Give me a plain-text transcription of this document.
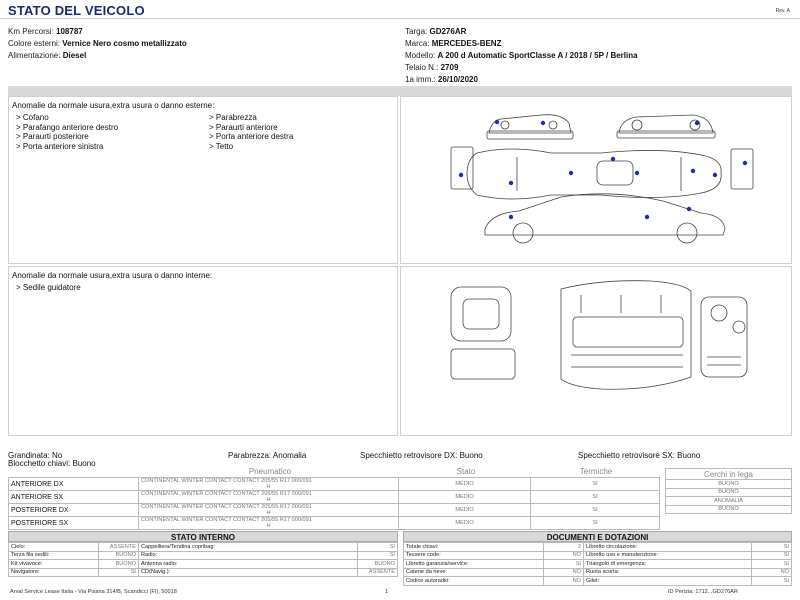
STATO DEL VEICOLO	Rev. A
Km Percorsi: 108787
Colore esterni: Vernice Nero cosmo metallizzato
Alimentazione: Diesel
Targa: GD276AR
Marca: MERCEDES-BENZ
Modello: A 200 d Automatic SportClasse A / 2018 / 5P / Berlina
Telaio N.: 2709
1a imm.: 26/10/2020
Anomalie da normale usura,extra usura o danno esterne:
> Cofano
> Parafango anteriore destro
> Paraurti posteriore
> Porta anteriore sinistra
> Parabrezza
> Paraurti anteriore
> Porta anteriore destra
> Tetto
Anomalie da normale usura,extra usura o danno interne:
> Sedile guidatore
Grandinata: No	Parabrezza: Anomalia	Specchietto retrovisore DX: Buono	Specchietto retrovisore SX: Buono
Blocchetto chiavi: Buono
Pneumatico	Stato	Termiche
ANTERIORE DX	CONTINENTAL WINTER CONTACT CONTACT 205/55 R17 000/091
H	MEDIO	SI
ANTERIORE SX	CONTINENTAL WINTER CONTACT CONTACT 205/55 R17 000/091
H	MEDIO	SI
POSTERIORE DX	CONTINENTAL WINTER CONTACT CONTACT 205/55 R17 000/091
H	MEDIO	SI
POSTERIORE SX	CONTINENTAL WINTER CONTACT CONTACT 205/55 R17 000/091
H	MEDIO	SI
Cerchi in lega
BUONO
BUONO
ANOMALIA
BUONO
STATO INTERNO
Cielo:	ASSENTE	Cappelliera/Tendina copribag:	SI
Terza fila sedili:	BUONO	Radio:	SI
Kit vivavoce:	BUONO	Antenna radio:	BUONO
Navigatore:	SI	CD(Navig.):	ASSENTE
DOCUMENTI E DOTAZIONI
Totale chiavi:	2	Libretto circolazione:	SI
Tessere code:	NO	Libretto uso e manutenzione:	SI
Libretto garanzia/service:	SI	Triangolo di emergenza:	SI
Catene da neve:	NO	Ruota scorta:	NO
Codice autoradio:	NO	Gilet:	SI
Arval Service Lease Italia - Via Pisana 314/B, Scandicci (FI), 50018	1	ID Perizia: 1712...GD276AR
